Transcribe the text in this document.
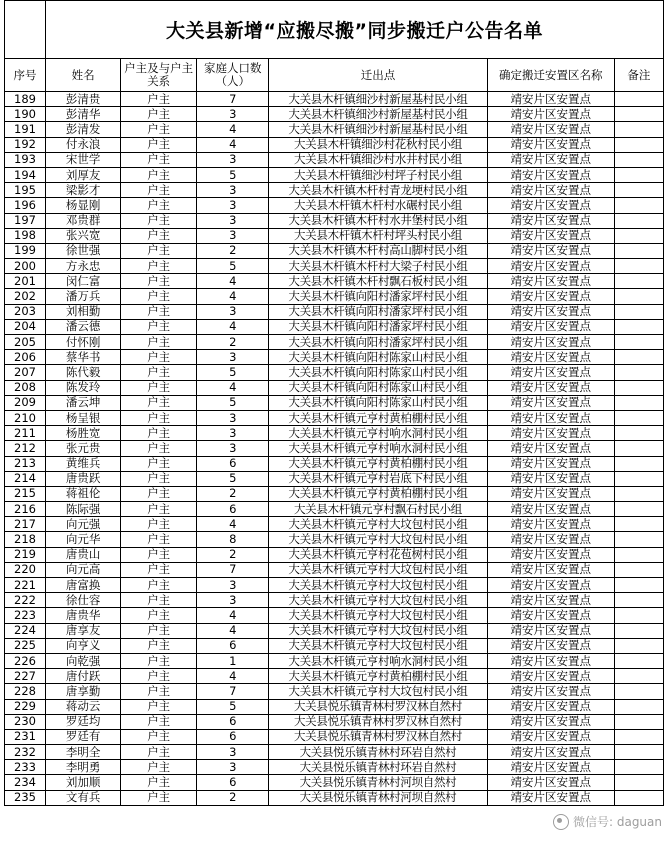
	大关县新增“应搬尽搬”同步搬迁户公告名单					
序号	姓名	户主及与户主关系	家庭人口数（人）	迁出点	确定搬迁安置区名称	备注
189	彭清贵	户主	7	大关县木杆镇细沙村新屋基村民小组	靖安片区安置点	
190	彭清华	户主	3	大关县木杆镇细沙村新屋基村民小组	靖安片区安置点	
191	彭清发	户主	4	大关县木杆镇细沙村新屋基村民小组	靖安片区安置点	
192	付永浪	户主	4	大关县木杆镇细沙村花秋村民小组	靖安片区安置点	
193	宋世学	户主	3	大关县木杆镇细沙村水井村民小组	靖安片区安置点	
194	刘厚友	户主	5	大关县木杆镇细沙村坪子村民小组	靖安片区安置点	
195	梁影才	户主	3	大关县木杆镇木杆村青龙埂村民小组	靖安片区安置点	
196	杨显刚	户主	3	大关县木杆镇木杆村水碾村民小组	靖安片区安置点	
197	邓贵群	户主	3	大关县木杆镇木杆村水井堡村民小组	靖安片区安置点	
198	张兴宽	户主	3	大关县木杆镇木杆村坪头村民小组	靖安片区安置点	
199	徐世强	户主	2	大关县木杆镇木杆村高山脚村民小组	靖安片区安置点	
200	方永忠	户主	5	大关县木杆镇木杆村大梁子村民小组	靖安片区安置点	
201	闵仁富	户主	4	大关县木杆镇木杆村飘石板村民小组	靖安片区安置点	
202	潘万兵	户主	4	大关县木杆镇向阳村潘家坪村民小组	靖安片区安置点	
203	刘相勤	户主	3	大关县木杆镇向阳村潘家坪村民小组	靖安片区安置点	
204	潘云德	户主	4	大关县木杆镇向阳村潘家坪村民小组	靖安片区安置点	
205	付怀刚	户主	2	大关县木杆镇向阳村潘家坪村民小组	靖安片区安置点	
206	蔡华书	户主	3	大关县木杆镇向阳村陈家山村民小组	靖安片区安置点	
207	陈代毅	户主	5	大关县木杆镇向阳村陈家山村民小组	靖安片区安置点	
208	陈发玲	户主	4	大关县木杆镇向阳村陈家山村民小组	靖安片区安置点	
209	潘云坤	户主	5	大关县木杆镇向阳村陈家山村民小组	靖安片区安置点	
210	杨呈银	户主	3	大关县木杆镇元亨村黄柏棚村民小组	靖安片区安置点	
211	杨胜宽	户主	3	大关县木杆镇元亨村响水洞村民小组	靖安片区安置点	
212	张元贵	户主	3	大关县木杆镇元亨村响水洞村民小组	靖安片区安置点	
213	黄维兵	户主	6	大关县木杆镇元亨村黄柏棚村民小组	靖安片区安置点	
214	唐贵跃	户主	5	大关县木杆镇元亨村岩底下村民小组	靖安片区安置点	
215	蒋祖伦	户主	2	大关县木杆镇元亨村黄柏棚村民小组	靖安片区安置点	
216	陈际强	户主	6	大关县木杆镇元亨村飘石村民小组	靖安片区安置点	
217	向元强	户主	4	大关县木杆镇元亨村大坟包村民小组	靖安片区安置点	
218	向元华	户主	8	大关县木杆镇元亨村大坟包村民小组	靖安片区安置点	
219	唐贵山	户主	2	大关县木杆镇元亨村花苞树村民小组	靖安片区安置点	
220	向元高	户主	7	大关县木杆镇元亨村大坟包村民小组	靖安片区安置点	
221	唐富换	户主	3	大关县木杆镇元亨村大坟包村民小组	靖安片区安置点	
222	徐仕容	户主	3	大关县木杆镇元亨村大坟包村民小组	靖安片区安置点	
223	唐贵华	户主	4	大关县木杆镇元亨村大坟包村民小组	靖安片区安置点	
224	唐享友	户主	4	大关县木杆镇元亨村大坟包村民小组	靖安片区安置点	
225	向亨义	户主	6	大关县木杆镇元亨村大坟包村民小组	靖安片区安置点	
226	向乾强	户主	1	大关县木杆镇元亨村响水洞村民小组	靖安片区安置点	
227	唐付跃	户主	4	大关县木杆镇元亨村黄柏棚村民小组	靖安片区安置点	
228	唐享勤	户主	7	大关县木杆镇元亨村大坟包村民小组	靖安片区安置点	
229	蒋动云	户主	5	大关县悦乐镇青林村罗汉林自然村	靖安片区安置点	
230	罗廷均	户主	6	大关县悦乐镇青林村罗汉林自然村	靖安片区安置点	
231	罗廷有	户主	6	大关县悦乐镇青林村罗汉林自然村	靖安片区安置点	
232	李明全	户主	3	大关县悦乐镇青林村环岩自然村	靖安片区安置点	
233	李明勇	户主	3	大关县悦乐镇青林村环岩自然村	靖安片区安置点	
234	刘加顺	户主	6	大关县悦乐镇青林村河坝自然村	靖安片区安置点	
235	文有兵	户主	2	大关县悦乐镇青林村河坝自然村	靖安片区安置点	
微信号: daguan
